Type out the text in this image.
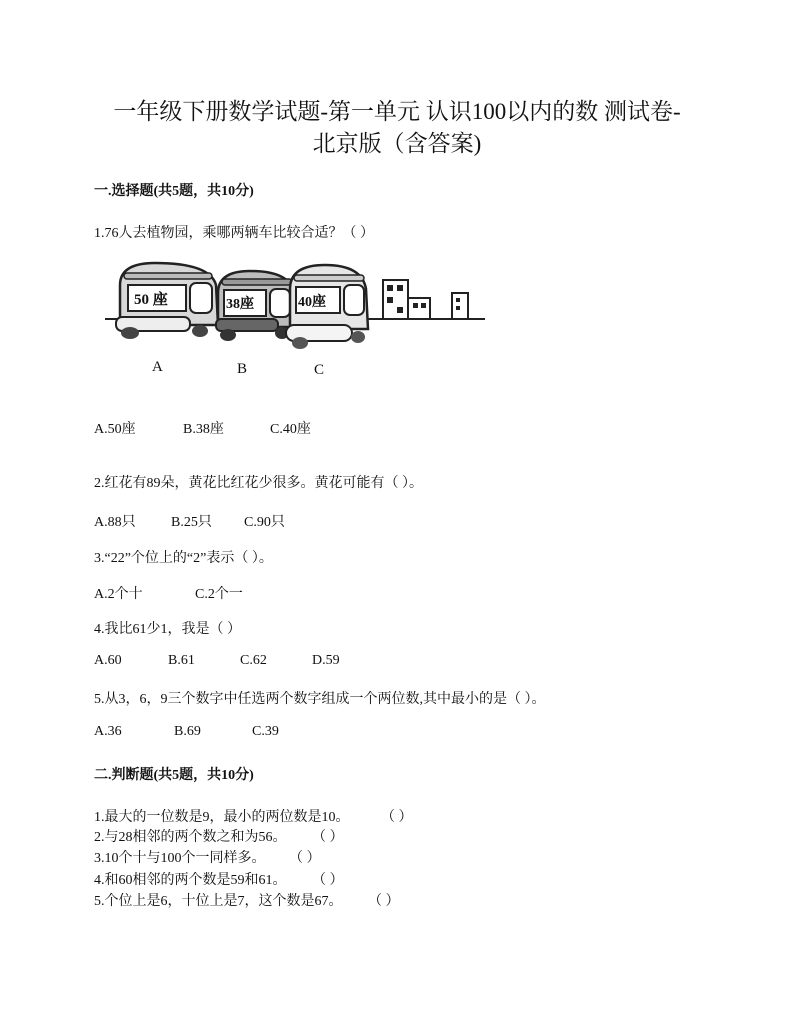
一年级下册数学试题-第一单元 认识100以内的数 测试卷-
北京版（含答案)
一.选择题(共5题，共10分)
1.76人去植物园，乘哪两辆车比较合适？（ ）
50 座	38座	40座
A	B	C
A.50座	B.38座	C.40座
2.红花有89朵，黄花比红花少很多。黄花可能有（ ）。
A.88只	B.25只 C.90只
3.“22”个位上的“2”表示（ ）。
A.2个十	C.2个一
4.我比61少1，我是（ ）
A.60	B.61	C.62	D.59
5.从3，6，9三个数字中任选两个数字组成一个两位数,其中最小的是（ ）。
A.36	B.69	C.39
二.判断题(共5题，共10分)
1.最大的一位数是9，最小的两位数是10。 （ ）
2.与28相邻的两个数之和为56。 （ ）
3.10个十与100个一同样多。 （ ）
4.和60相邻的两个数是59和61。 （ ）
5.个位上是6，十位上是7，这个数是67。 （ ）
